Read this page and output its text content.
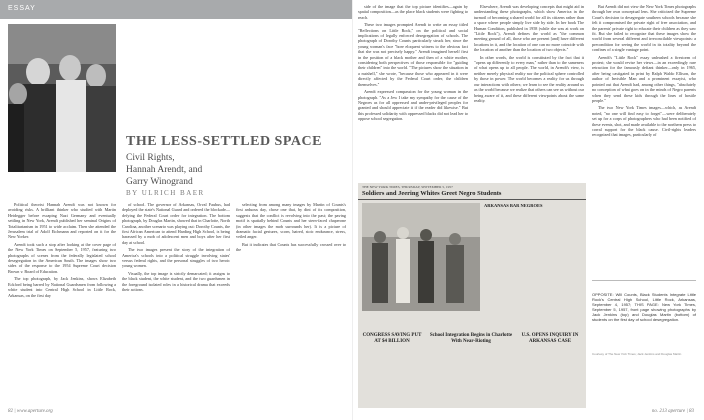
ESSAY
THE LESS-SETTLED SPACE
Civil Rights,
Hannah Arendt, and
Garry Winogrand
BY ULRICH BAER

Political theorist Hannah Arendt was not known for avoiding risks. A brilliant thinker who studied with Martin Heidegger before escaping Nazi Germany and eventually settling in New York, Arendt published her seminal Origins of Totalitarianism in 1951 to wide acclaim. Then she attended the Jerusalem trial of Adolf Eichmann and reported on it for the New Yorker.

Arendt took such a stop after looking at the cover page of the New York Times on September 5, 1957, featuring two photographs of scenes from the federally legislated school desegregation in the American South. The images show two sides of the response to the 1954 Supreme Court decision Brown v. Board of Education.

The top photograph, by Jack Jenkins, shows Elizabeth Eckford being barred by National Guardsmen from following a white student into Central High School in Little Rock, Arkansas, on the first day

of school. The governor of Arkansas, Orval Faubus, had deployed the state's National Guard and ordered the blockade—defying the Federal Court order for integration. The bottom photograph, by Douglas Martin, showed that in Charlotte, North Carolina, another scenario was playing out: Dorothy Counts, the first African American to attend Harding High School, is being harassed by a mob of adolescent men and boys after her first day at school.

The two images present the story of the integration of America's schools into a political struggle involving states' versus federal rights, and the personal struggles of two heroic young women.

Visually, the top image is strictly demarcated; it assigns to the black student, the white student, and the two guardsmen in the foreground isolated roles in a historical drama that exceeds their actions.

selecting from among many images by Martin of Counts's first arduous day, chose one that, by dint of its composition, suggests that the conflict is revolving into the past; the paving motif is spatially behind Counts and her stern-faced chaperone (in other images the mob surrounds her). It is a picture of dramatic facial gestures, scorn, hatred, stoic endurance, stress, veiled anger.

But it indicates that Counts has successfully crossed over to the

side of the image that the top picture identifies—again by spatial composition—as the place black students were fighting to reach.

These two images prompted Arendt to write an essay titled "Reflections on Little Rock," on the political and social implications of legally enforced desegregation of schools. The photograph of Dorothy Counts particularly struck her, since the young woman's face "bore eloquent witness to the obvious fact that she was not precisely happy." Arendt imagined herself first in the position of a black mother and then of a white mother, considering both perspectives of those responsible for "guiding their children" into the world. "The pictures show the situation in a nutshell," she wrote, "because those who appeared in it were directly affected by the Federal Court order, the children themselves."

Arendt expressed compassion for the young woman in the photograph. "As a Jew I take my sympathy for the cause of the Negroes as for all oppressed and under-privileged peoples for granted and should appreciate it if the reader did likewise." But this professed solidarity with oppressed blacks did not lead her to oppose school segregation.

Elsewhere, Arendt was developing concepts that might aid in understanding these photographs, which show America in the turmoil of becoming a shared world for all its citizens rather than a space where people simply live side by side. In her book The Human Condition, published in 1958 (while she was at work on "Little Rock"), Arendt defines the world as "the common meeting ground of all, those who are present [and] have different locations in it, and the location of one can no more coincide with the location of another than the location of two objects."

In other words, the world is constituted by the fact that it "opens up differently to every man," rather than to the sameness of what opens up to all people. The world, in Arendt's view, is neither merely physical reality nor the political sphere controlled by those in power. The world becomes a reality for us through our interactions with others; we learn to see the reality around us as the world because we realize that others can see us without our being aware of it, and these different viewpoints about the same reality.

But Arendt did not view the New York Times photographs through her own conceptual lens. She criticized the Supreme Court's decision to desegregate southern schools because she felt it compromised the private right of free association, and the parents' private right to educate their children as they saw fit. But she failed to recognize that these images show the world from several different and irreconcilable viewpoints: a precondition for seeing the world in its totality beyond the confines of a single vantage point.

Arendt's "Little Rock" essay unleashed a firestorm of protest; she would revise her views—in an exceedingly rare retraction for the famously defiant thinker—only in 1965, after being castigated in print by Ralph Waldo Ellison, the author of Invisible Man and a prominent essayist, who pointed out that Arendt had, among other things, "absolutely no conception of what goes on in the minds of Negro parents when they send these kids through the lines of hostile people."

The two New York Times images—which, as Arendt noted, "no one will find easy to forget"—were deliberately set up for a corps of photographers who had been notified of these events, shot, and made available to the northern press to corral support for the black cause. Civil-rights leaders recognized that images, particularly of

THE NEW YORK TIMES, THURSDAY, SEPTEMBER 5, 1957
Soldiers and Jeering Whites Greet Negro Students
ARKANSAS BAR NEGROES
CONGRESS SAVING PUT AT $4 BILLION
School Integration Begins in Charlotte With Near-Rioting
U.S. OPENS INQUIRY IN ARKANSAS CASE

OPPOSITE: Will Counts, Black Students Integrate Little Rock's Central High School, Little Rock, Arkansas, September 4, 1957; THIS PAGE: New York Times, September 5, 1957, front page showing photographs by Jack Jenkins (top) and Douglas Martin (bottom) of students on the first day of school desegregation.

Courtesy of The New York Times; Jack Jenkins and Douglas Martin
82 | www.aperture.org	no. 213 aperture | 83
